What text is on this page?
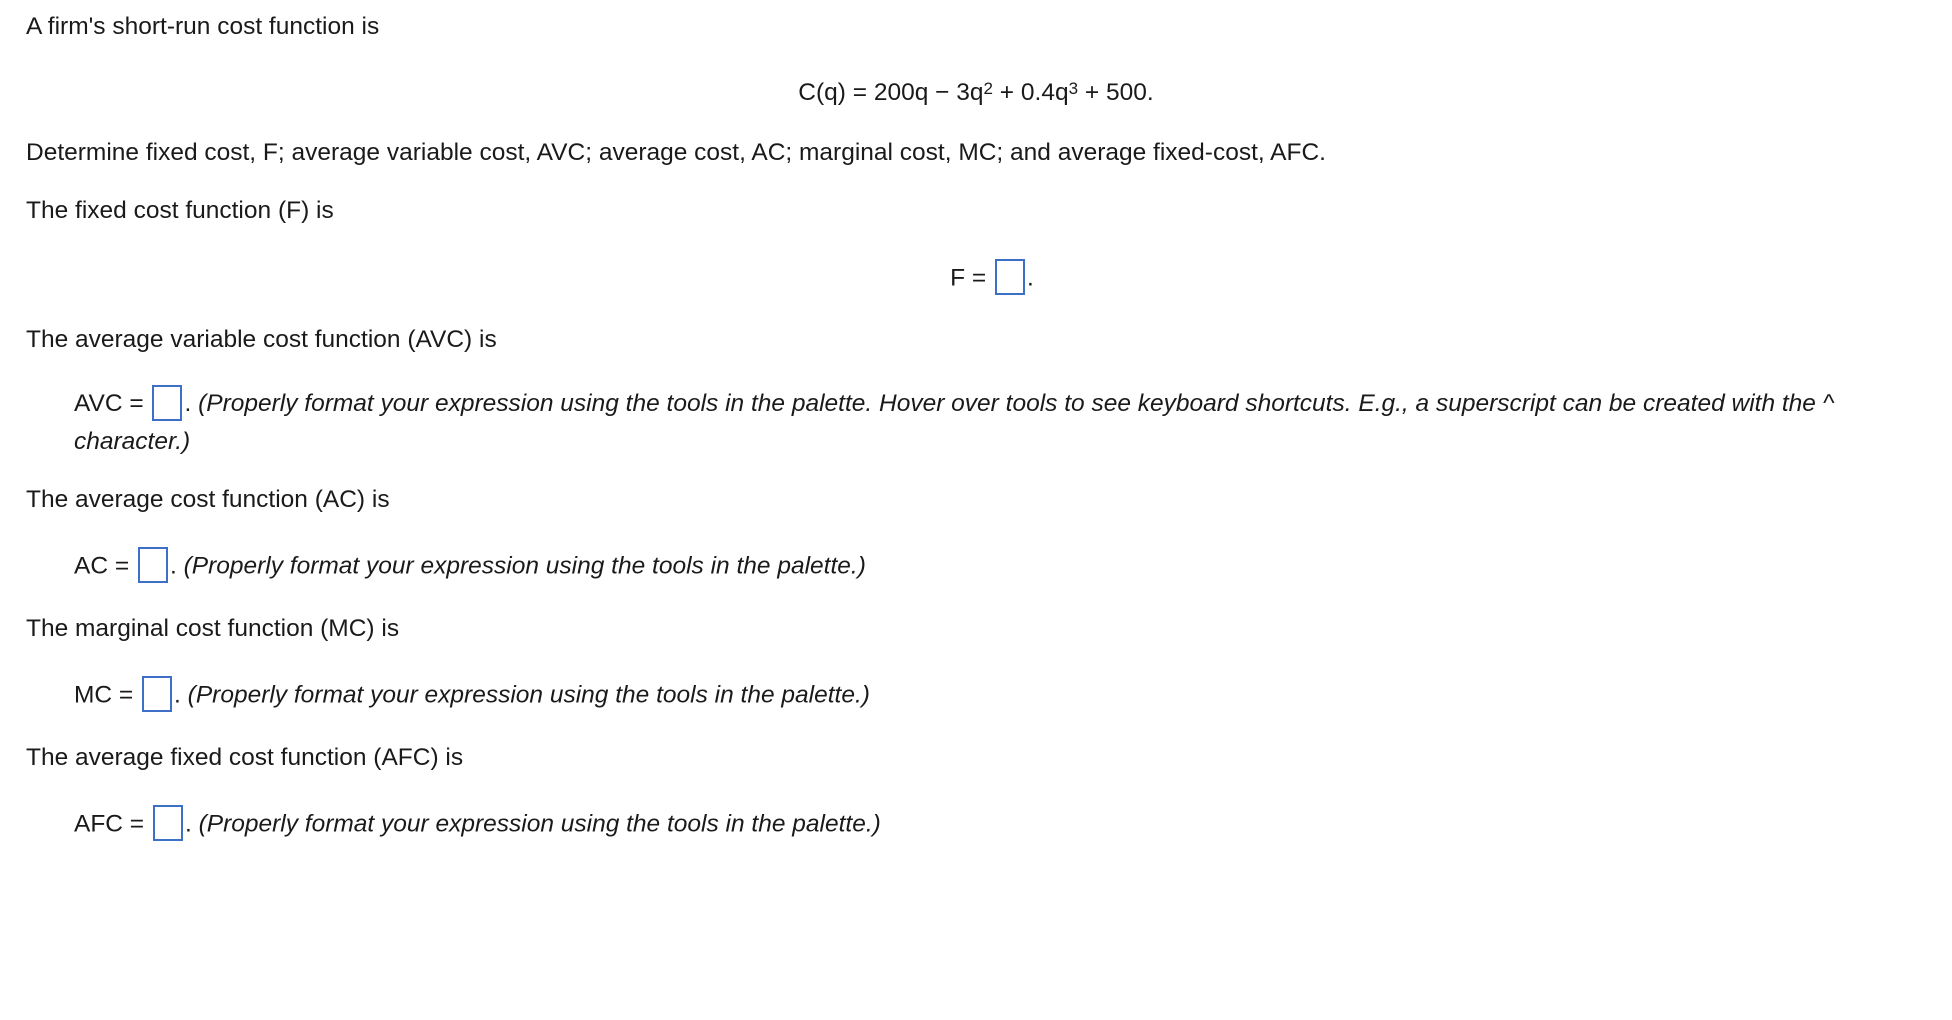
A firm's short-run cost function is
$C(q) = 200q - 3q^2 + 0.4q^3 + 500$.
Determine fixed cost, F; average variable cost, AVC; average cost, AC; marginal cost, MC; and average fixed-cost, AFC.
The fixed cost function (F) is
F = .
The average variable cost function (AVC) is
AVC = . (Properly format your expression using the tools in the palette. Hover over tools to see keyboard shortcuts. E.g., a superscript can be created with the ^ character.)
The average cost function (AC) is
AC = . (Properly format your expression using the tools in the palette.)
The marginal cost function (MC) is
MC = . (Properly format your expression using the tools in the palette.)
The average fixed cost function (AFC) is
AFC = . (Properly format your expression using the tools in the palette.)
